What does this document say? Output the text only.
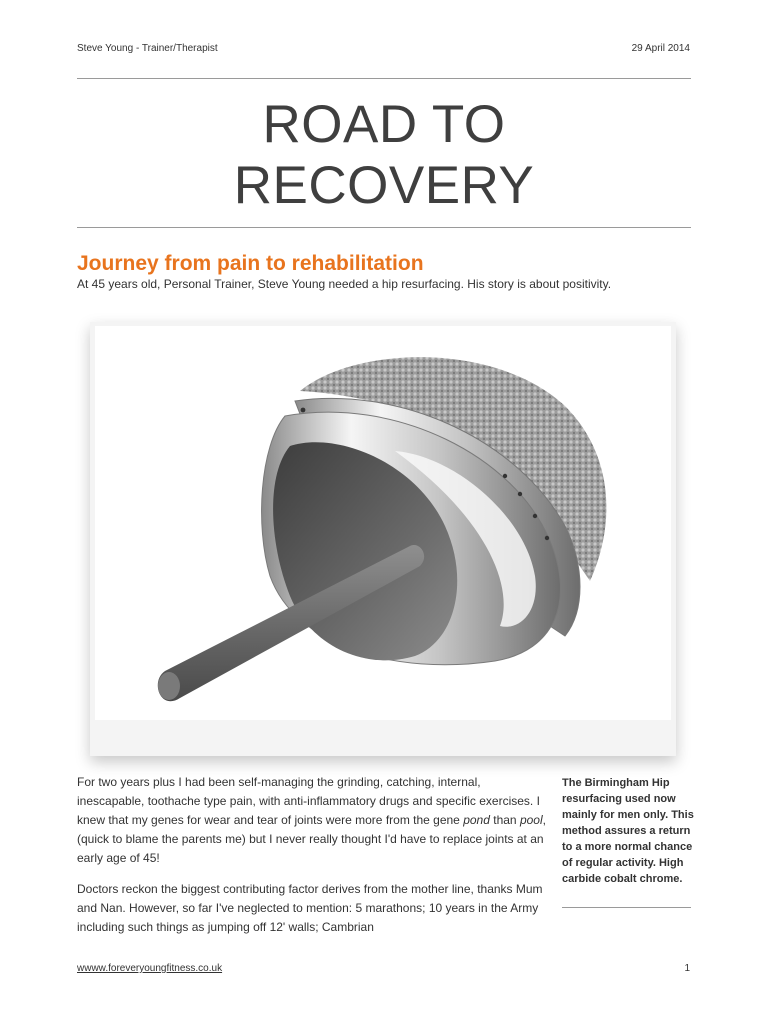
Steve Young - Trainer/Therapist	29 April 2014
ROAD TO
RECOVERY
Journey from pain to rehabilitation
At 45 years old, Personal Trainer, Steve Young needed a hip resurfacing. His story is about positivity.

For two years plus I had been self-managing the grinding, catching, internal, inescapable, toothache type pain, with anti-inflammatory drugs and specific exercises. I knew that my genes for wear and tear of joints were more from the gene pond than pool, (quick to blame the parents me) but I never really thought I'd have to replace joints at an early age of 45!

Doctors reckon the biggest contributing factor derives from the mother line, thanks Mum and Nan. However, so far I've neglected to mention: 5 marathons; 10 years in the Army including such things as jumping off 12' walls; Cambrian

The Birmingham Hip resurfacing used now mainly for men only. This method assures a return to a more normal chance of regular activity. High carbide cobalt chrome.
wwww.foreveryoungfitness.co.uk	1
